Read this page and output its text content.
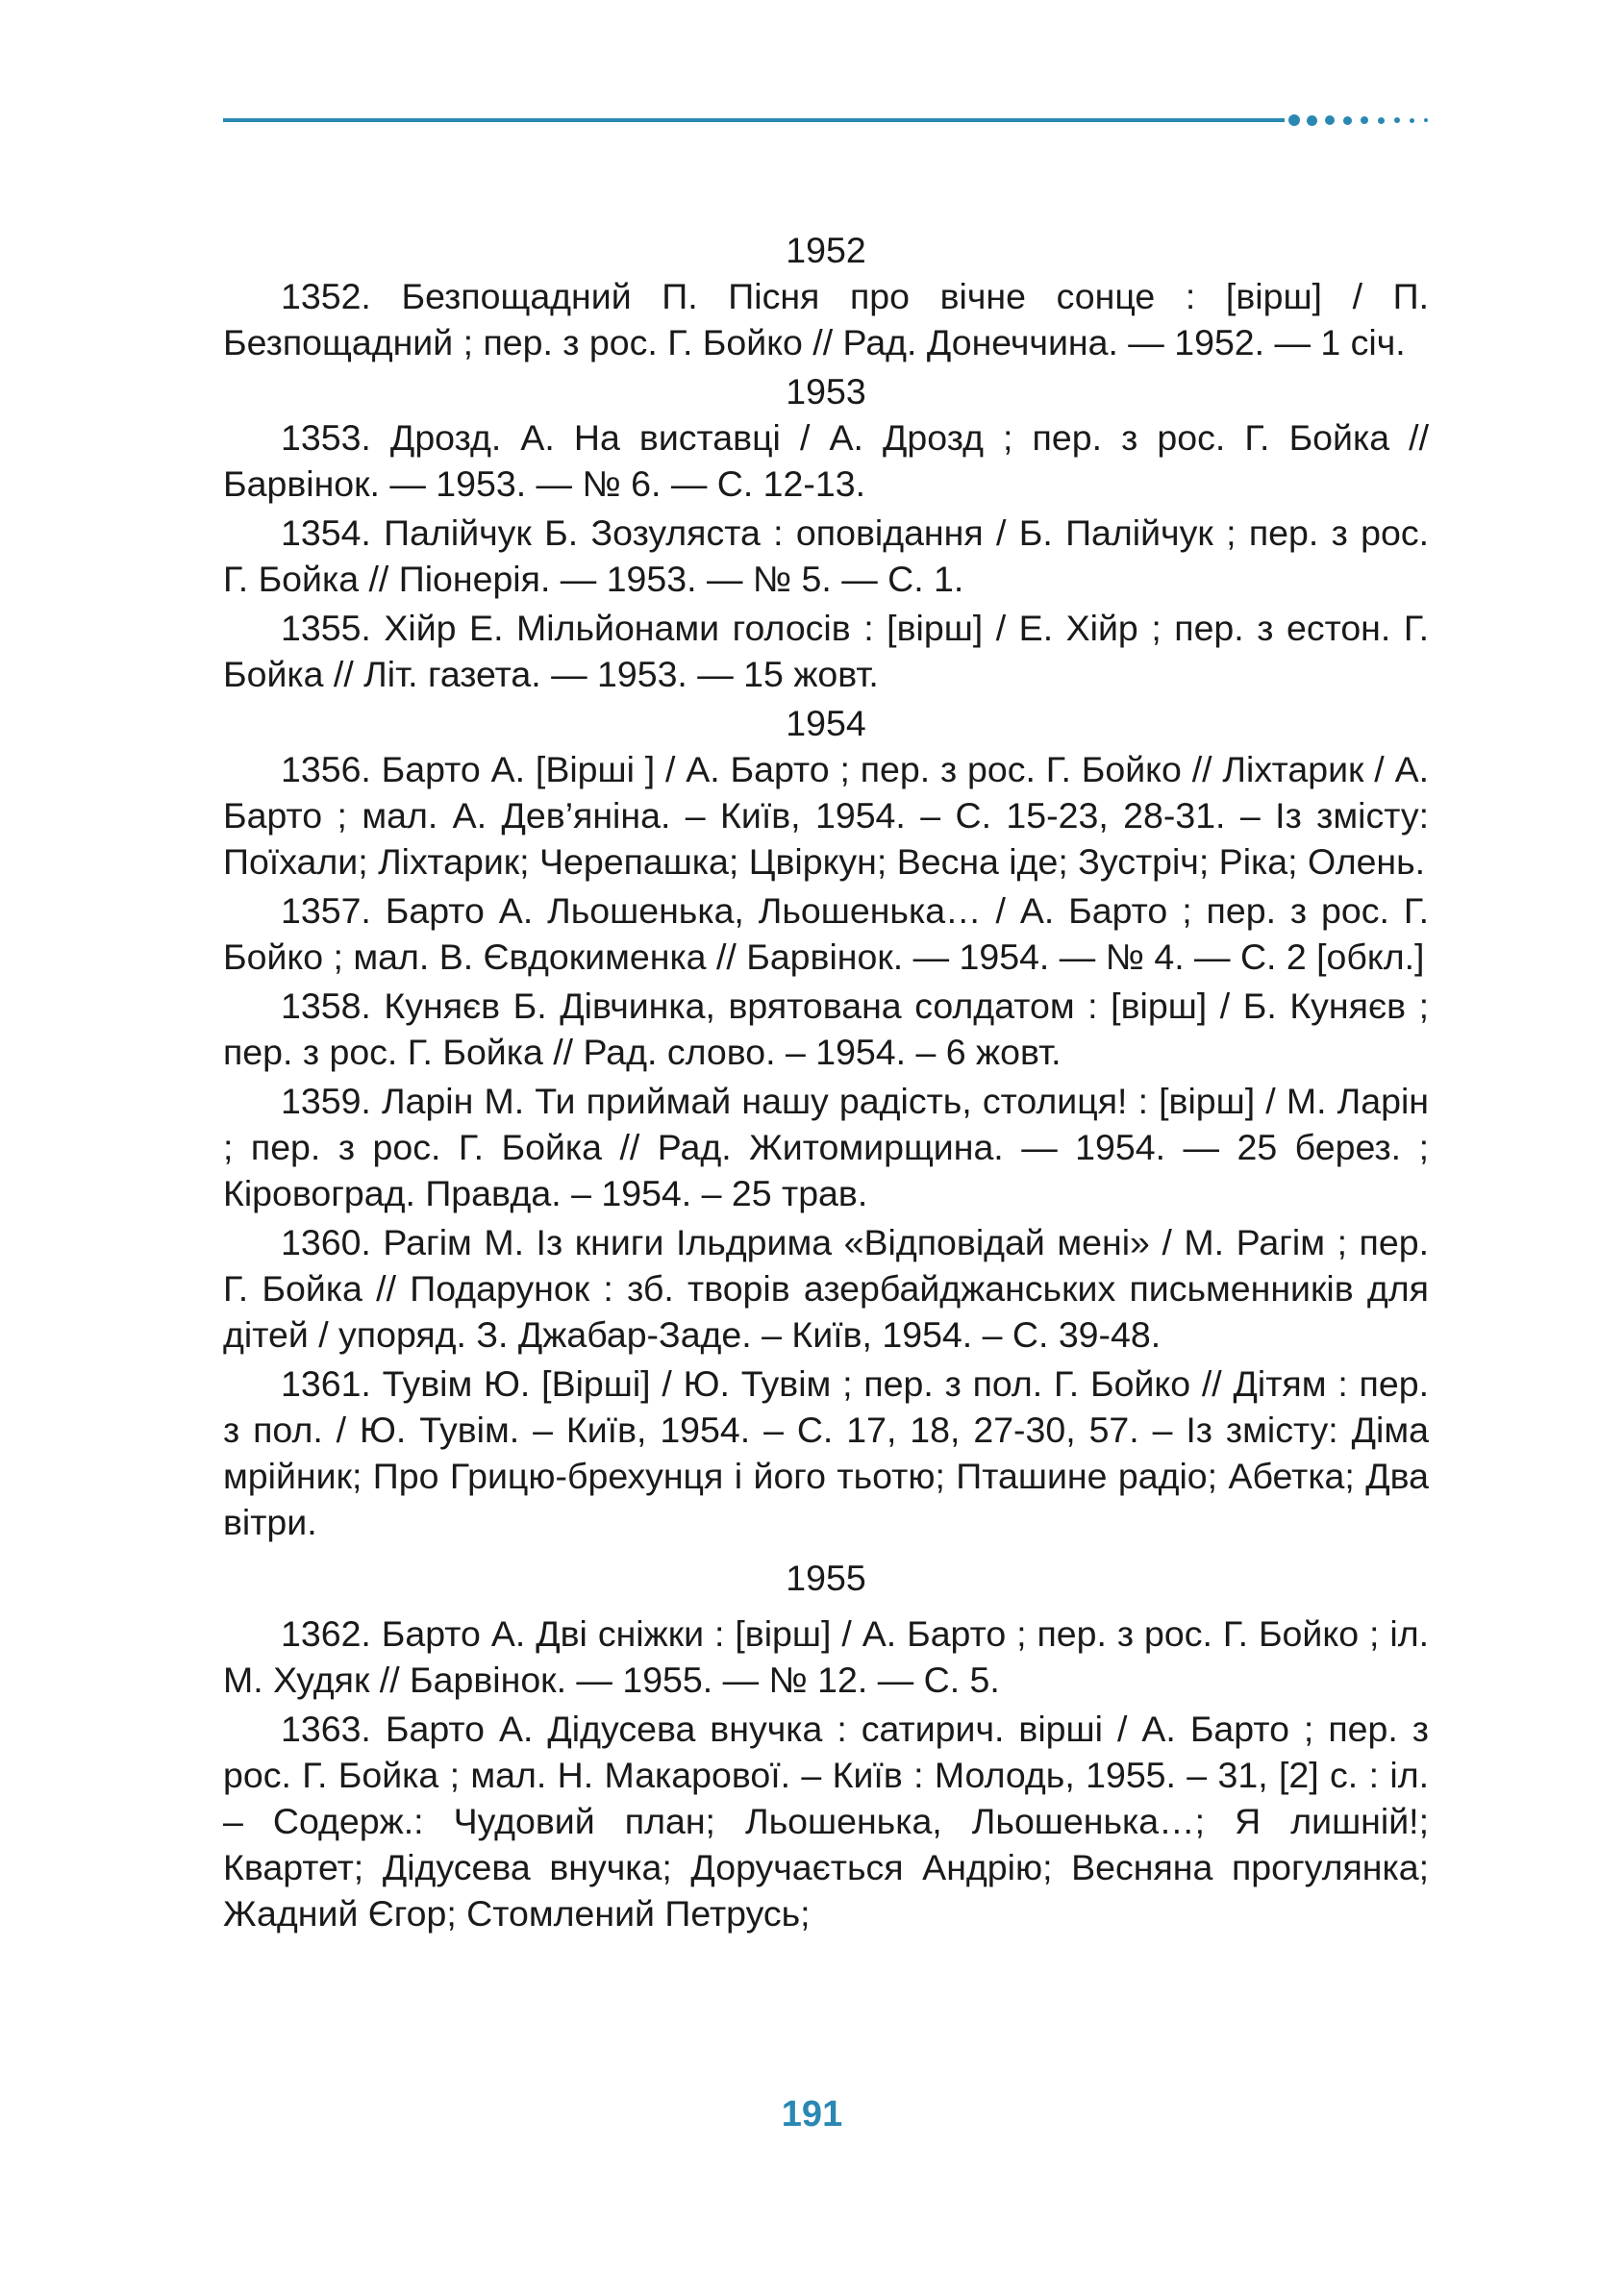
1952

1352. Безпощадний П. Пісня про вічне сонце : [вірш] / П. Безпощадний ; пер. з рос. Г. Бойко // Рад. Донеччина. — 1952. — 1 січ.

1953

1353. Дрозд. А. На виставці / А. Дрозд ; пер. з рос. Г. Бойка // Барвінок. — 1953. — № 6. — С. 12-13.

1354. Палійчук Б. Зозуляста : оповідання / Б. Палійчук ; пер. з рос. Г. Бойка // Піонерія. — 1953. — № 5. — С. 1.

1355. Хійр Е. Мільйонами голосів : [вірш] / Е. Хійр ; пер. з естон. Г. Бойка // Літ. газета. — 1953. — 15 жовт.

1954

1356. Барто А. [Вірші ] / А. Барто ; пер. з рос. Г. Бойко // Ліхтарик / А. Барто ; мал. А. Дев’яніна. – Київ, 1954. – С. 15-23, 28-31. – Із змісту: Поїхали; Ліхтарик; Черепашка; Цвіркун; Весна іде; Зустріч; Ріка; Олень.

1357. Барто А. Льошенька, Льошенька… / А. Барто ; пер. з рос. Г. Бойко ; мал. В. Євдокименка // Барвінок. — 1954. — № 4. — С. 2 [обкл.]

1358. Куняєв Б. Дівчинка, врятована солдатом : [вірш] / Б. Куняєв ; пер. з рос. Г. Бойка // Рад. слово. – 1954. – 6 жовт.

1359. Ларін М. Ти приймай нашу радість, столиця! : [вірш] / М. Ларін ; пер. з рос. Г. Бойка // Рад. Житомирщина. — 1954. — 25 берез. ; Кіровоград. Правда. – 1954. – 25 трав.

1360. Рагім М. Із книги Ільдрима «Відповідай мені» / М. Рагім ; пер. Г. Бойка // Подарунок : зб. творів азербайджанських письменників для дітей / упоряд. З. Джабар-Заде. – Київ, 1954. – С. 39-48.

1361. Тувім Ю. [Вірші] / Ю. Тувім ; пер. з пол. Г. Бойко // Дітям : пер. з пол. / Ю. Тувім. – Київ, 1954. – С. 17, 18, 27-30, 57. – Із змісту: Діма мрійник; Про Грицю-брехунця і його тьотю; Пташине радіо; Абетка; Два вітри.

1955

1362. Барто А. Дві сніжки : [вірш] / А. Барто ; пер. з рос. Г. Бойко ; іл. М. Худяк // Барвінок. — 1955. — № 12. — С. 5.

1363. Барто А. Дідусева внучка : сатирич. вірші / А. Барто ; пер. з рос. Г. Бойка ; мал. Н. Макарової. – Київ : Молодь, 1955. – 31, [2] с. : іл. – Содерж.: Чудовий план; Льошенька, Льошенька…; Я лишній!; Квартет; Дідусева внучка; Доручається Андрію; Весняна прогулянка; Жадний Єгор; Стомлений Петрусь;

191
